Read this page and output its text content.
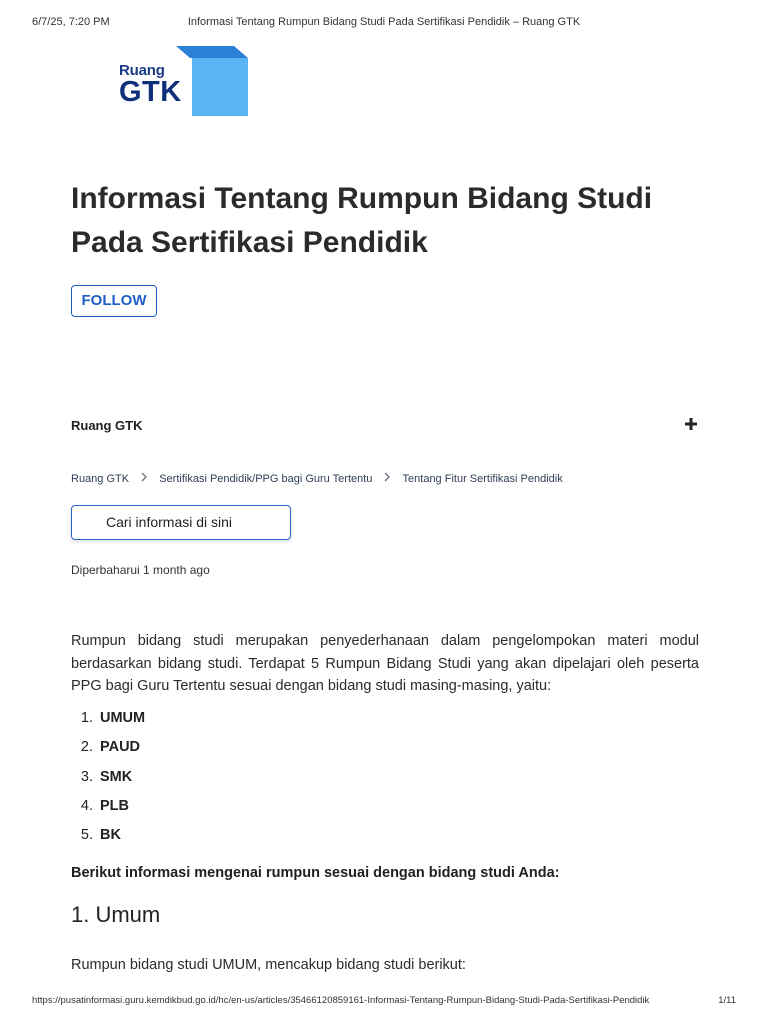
6/7/25, 7:20 PM	Informasi Tentang Rumpun Bidang Studi Pada Sertifikasi Pendidik – Ruang GTK
Ruang
GTK
Informasi Tentang Rumpun Bidang Studi Pada Sertifikasi Pendidik
FOLLOW
Ruang GTK
Ruang GTK	Sertifikasi Pendidik/PPG bagi Guru Tertentu	Tentang Fitur Sertifikasi Pendidik
Cari informasi di sini
Diperbaharui 1 month ago

Rumpun bidang studi merupakan penyederhanaan dalam pengelompokan materi modul berdasarkan bidang studi. Terdapat 5 Rumpun Bidang Studi yang akan dipelajari oleh peserta PPG bagi Guru Tertentu sesuai dengan bidang studi masing-masing, yaitu:

1. UMUM
2. PAUD
3. SMK
4. PLB
5. BK

Berikut informasi mengenai rumpun sesuai dengan bidang studi Anda:

1. Umum

Rumpun bidang studi UMUM, mencakup bidang studi berikut:

https://pusatinformasi.guru.kemdikbud.go.id/hc/en-us/articles/35466120859161-Informasi-Tentang-Rumpun-Bidang-Studi-Pada-Sertifikasi-Pendidik	1/11
